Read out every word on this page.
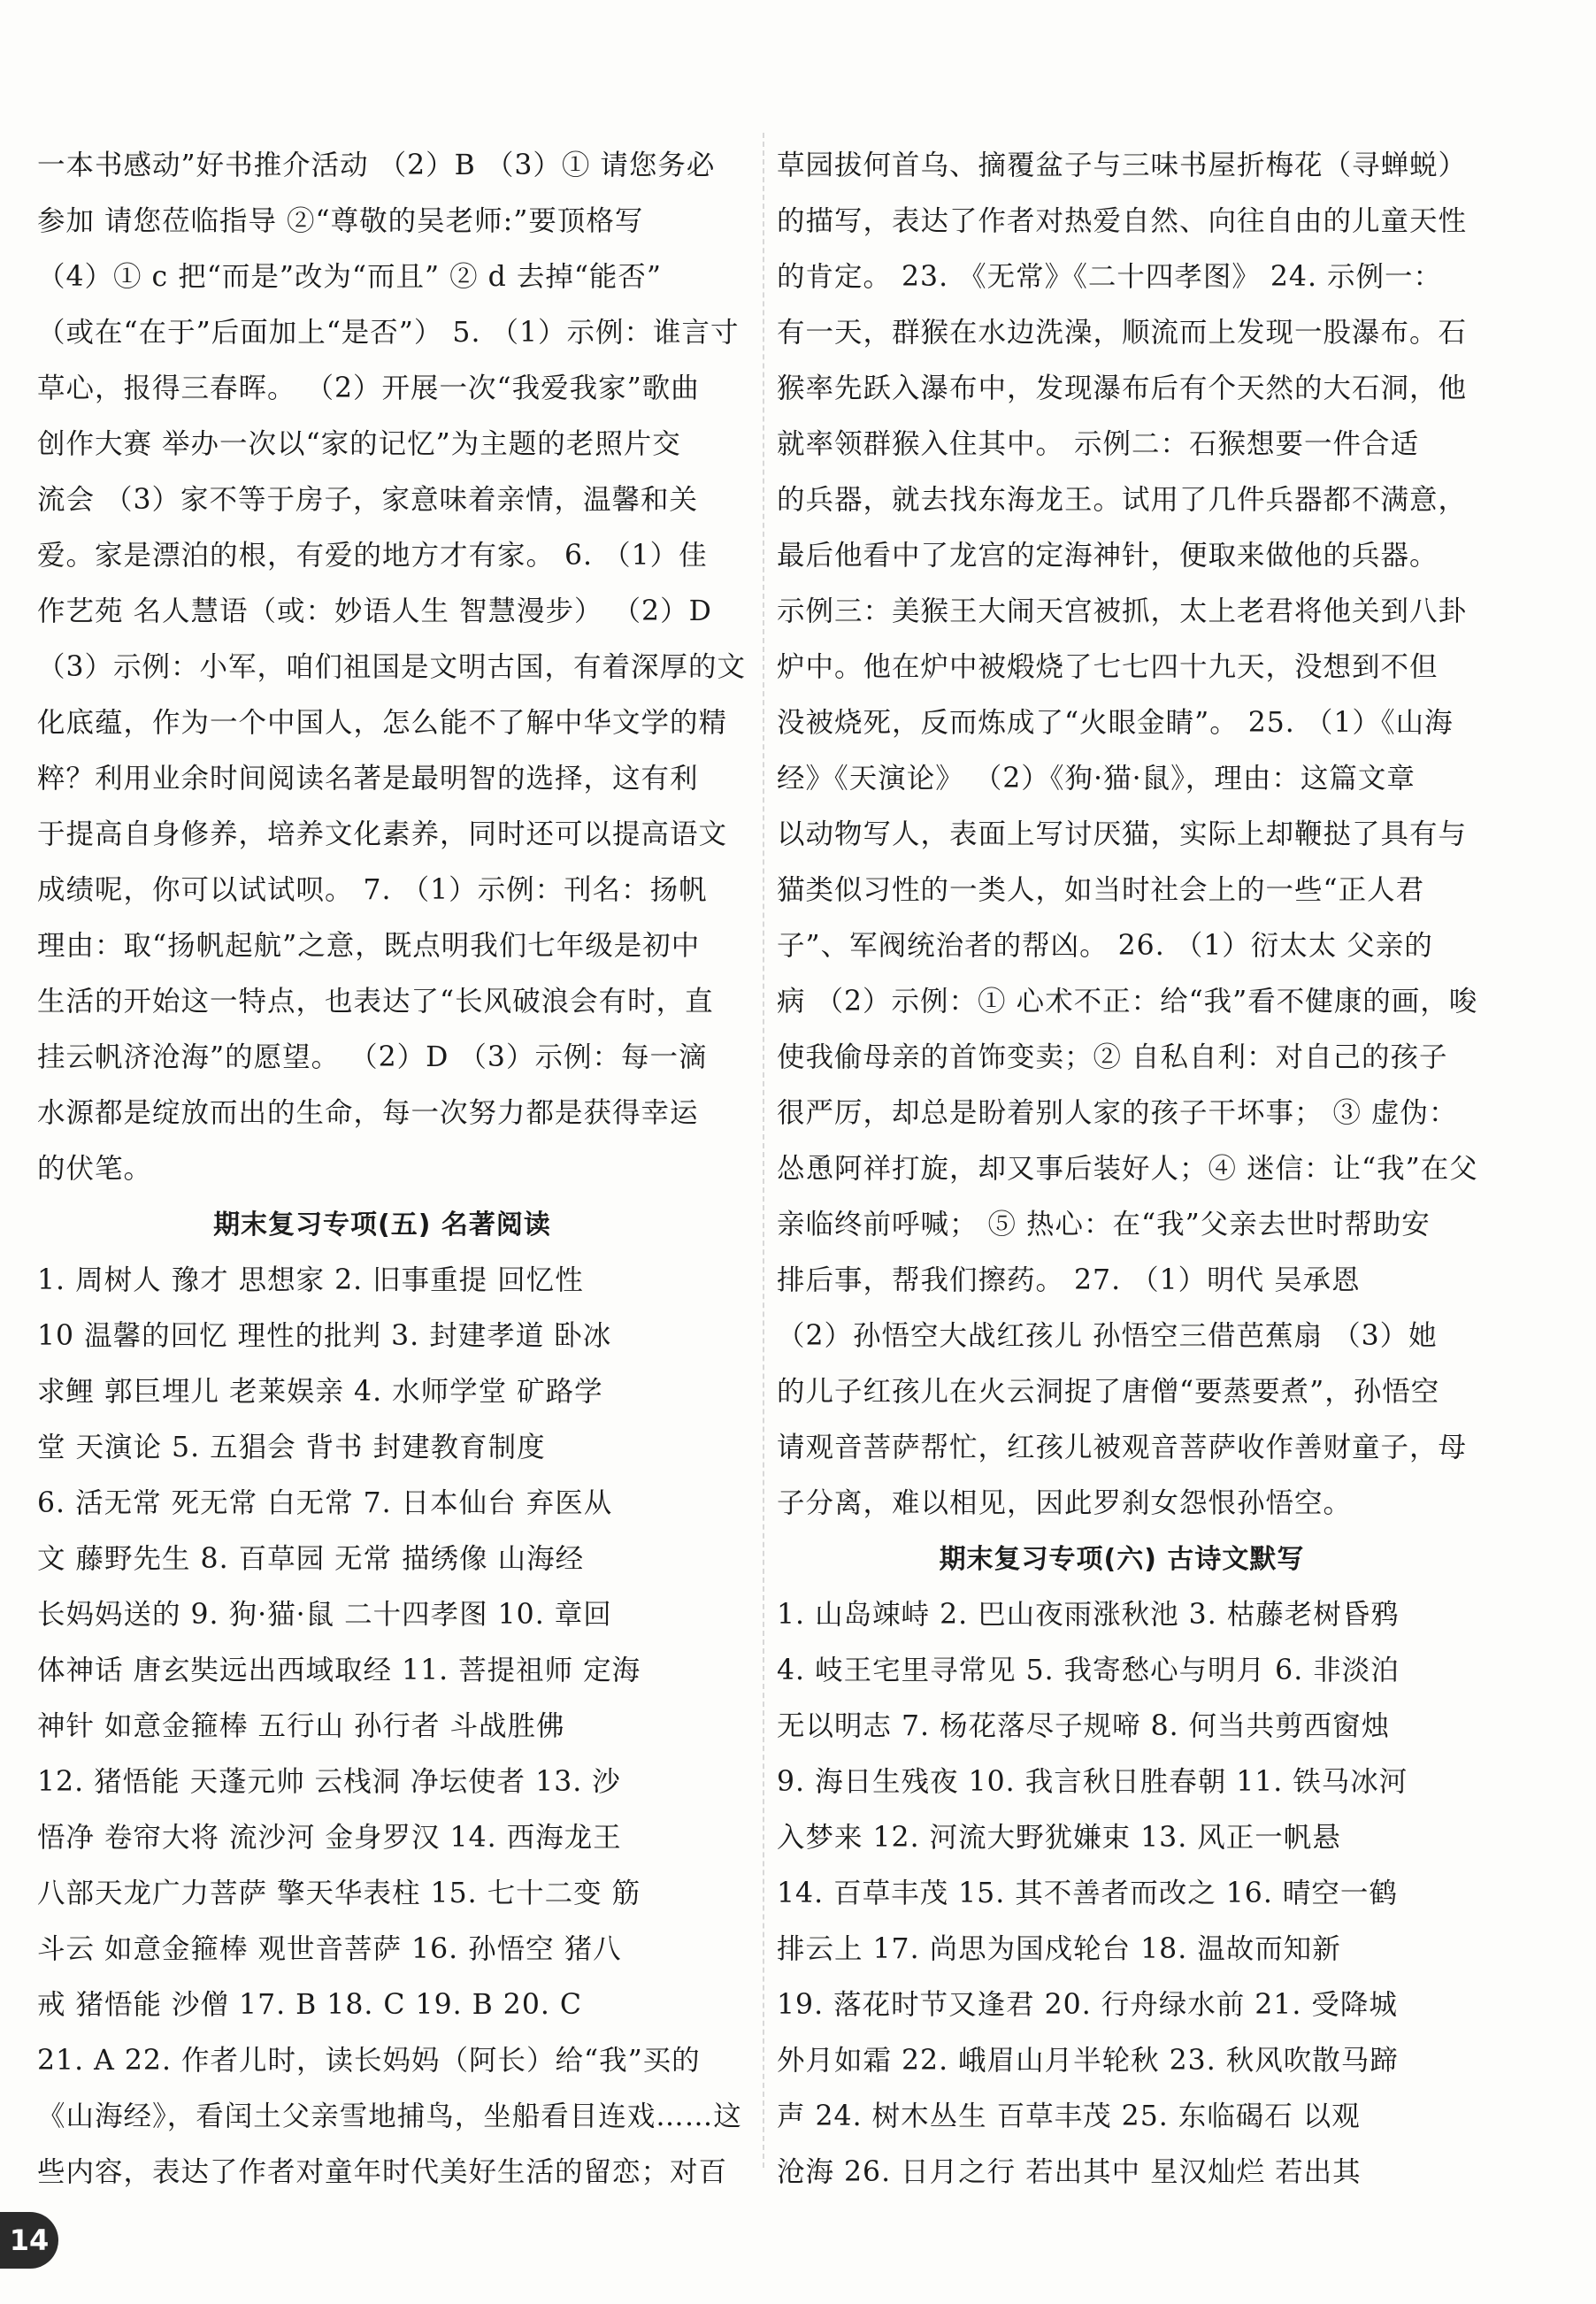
一本书感动”好书推介活动 （2）B （3）① 请您务必
参加 请您莅临指导 ②“尊敬的吴老师:”要顶格写
（4）① c 把“而是”改为“而且” ② d 去掉“能否”
（或在“在于”后面加上“是否”） 5. （1）示例：谁言寸
草心，报得三春晖。 （2）开展一次“我爱我家”歌曲
创作大赛 举办一次以“家的记忆”为主题的老照片交
流会 （3）家不等于房子，家意味着亲情，温馨和关
爱。家是漂泊的根，有爱的地方才有家。 6. （1）佳
作艺苑 名人慧语（或：妙语人生 智慧漫步） （2）D
（3）示例：小军，咱们祖国是文明古国，有着深厚的文
化底蕴，作为一个中国人，怎么能不了解中华文学的精
粹？利用业余时间阅读名著是最明智的选择，这有利
于提高自身修养，培养文化素养，同时还可以提高语文
成绩呢，你可以试试呗。 7. （1）示例：刊名：扬帆
理由：取“扬帆起航”之意，既点明我们七年级是初中
生活的开始这一特点，也表达了“长风破浪会有时，直
挂云帆济沧海”的愿望。 （2）D （3）示例：每一滴
水源都是绽放而出的生命，每一次努力都是获得幸运
的伏笔。
期末复习专项(五) 名著阅读
1. 周树人 豫才 思想家 2. 旧事重提 回忆性
10 温馨的回忆 理性的批判 3. 封建孝道 卧冰
求鲤 郭巨埋儿 老莱娱亲 4. 水师学堂 矿路学
堂 天演论 5. 五猖会 背书 封建教育制度
6. 活无常 死无常 白无常 7. 日本仙台 弃医从
文 藤野先生 8. 百草园 无常 描绣像 山海经
长妈妈送的 9. 狗·猫·鼠 二十四孝图 10. 章回
体神话 唐玄奘远出西域取经 11. 菩提祖师 定海
神针 如意金箍棒 五行山 孙行者 斗战胜佛
12. 猪悟能 天蓬元帅 云栈洞 净坛使者 13. 沙
悟净 卷帘大将 流沙河 金身罗汉 14. 西海龙王
八部天龙广力菩萨 擎天华表柱 15. 七十二变 筋
斗云 如意金箍棒 观世音菩萨 16. 孙悟空 猪八
戒 猪悟能 沙僧 17. B 18. C 19. B 20. C
21. A 22. 作者儿时，读长妈妈（阿长）给“我”买的
《山海经》，看闰土父亲雪地捕鸟，坐船看目连戏……这
些内容，表达了作者对童年时代美好生活的留恋；对百
草园拔何首乌、摘覆盆子与三味书屋折梅花（寻蝉蜕）
的描写，表达了作者对热爱自然、向往自由的儿童天性
的肯定。 23. 《无常》《二十四孝图》 24. 示例一：
有一天，群猴在水边洗澡，顺流而上发现一股瀑布。石
猴率先跃入瀑布中，发现瀑布后有个天然的大石洞，他
就率领群猴入住其中。 示例二：石猴想要一件合适
的兵器，就去找东海龙王。试用了几件兵器都不满意，
最后他看中了龙宫的定海神针，便取来做他的兵器。
示例三：美猴王大闹天宫被抓，太上老君将他关到八卦
炉中。他在炉中被煅烧了七七四十九天，没想到不但
没被烧死，反而炼成了“火眼金睛”。 25. （1）《山海
经》《天演论》 （2）《狗·猫·鼠》，理由：这篇文章
以动物写人，表面上写讨厌猫，实际上却鞭挞了具有与
猫类似习性的一类人，如当时社会上的一些“正人君
子”、军阀统治者的帮凶。 26. （1）衍太太 父亲的
病 （2）示例：① 心术不正：给“我”看不健康的画，唆
使我偷母亲的首饰变卖；② 自私自利：对自己的孩子
很严厉，却总是盼着别人家的孩子干坏事； ③ 虚伪：
怂恿阿祥打旋，却又事后装好人；④ 迷信：让“我”在父
亲临终前呼喊； ⑤ 热心：在“我”父亲去世时帮助安
排后事，帮我们擦药。 27. （1）明代 吴承恩
（2）孙悟空大战红孩儿 孙悟空三借芭蕉扇 （3）她
的儿子红孩儿在火云洞捉了唐僧“要蒸要煮”，孙悟空
请观音菩萨帮忙，红孩儿被观音菩萨收作善财童子，母
子分离，难以相见，因此罗刹女怨恨孙悟空。
期末复习专项(六) 古诗文默写
1. 山岛竦峙 2. 巴山夜雨涨秋池 3. 枯藤老树昏鸦
4. 岐王宅里寻常见 5. 我寄愁心与明月 6. 非淡泊
无以明志 7. 杨花落尽子规啼 8. 何当共剪西窗烛
9. 海日生残夜 10. 我言秋日胜春朝 11. 铁马冰河
入梦来 12. 河流大野犹嫌束 13. 风正一帆悬
14. 百草丰茂 15. 其不善者而改之 16. 晴空一鹤
排云上 17. 尚思为国戍轮台 18. 温故而知新
19. 落花时节又逢君 20. 行舟绿水前 21. 受降城
外月如霜 22. 峨眉山月半轮秋 23. 秋风吹散马蹄
声 24. 树木丛生 百草丰茂 25. 东临碣石 以观
沧海 26. 日月之行 若出其中 星汉灿烂 若出其
14
